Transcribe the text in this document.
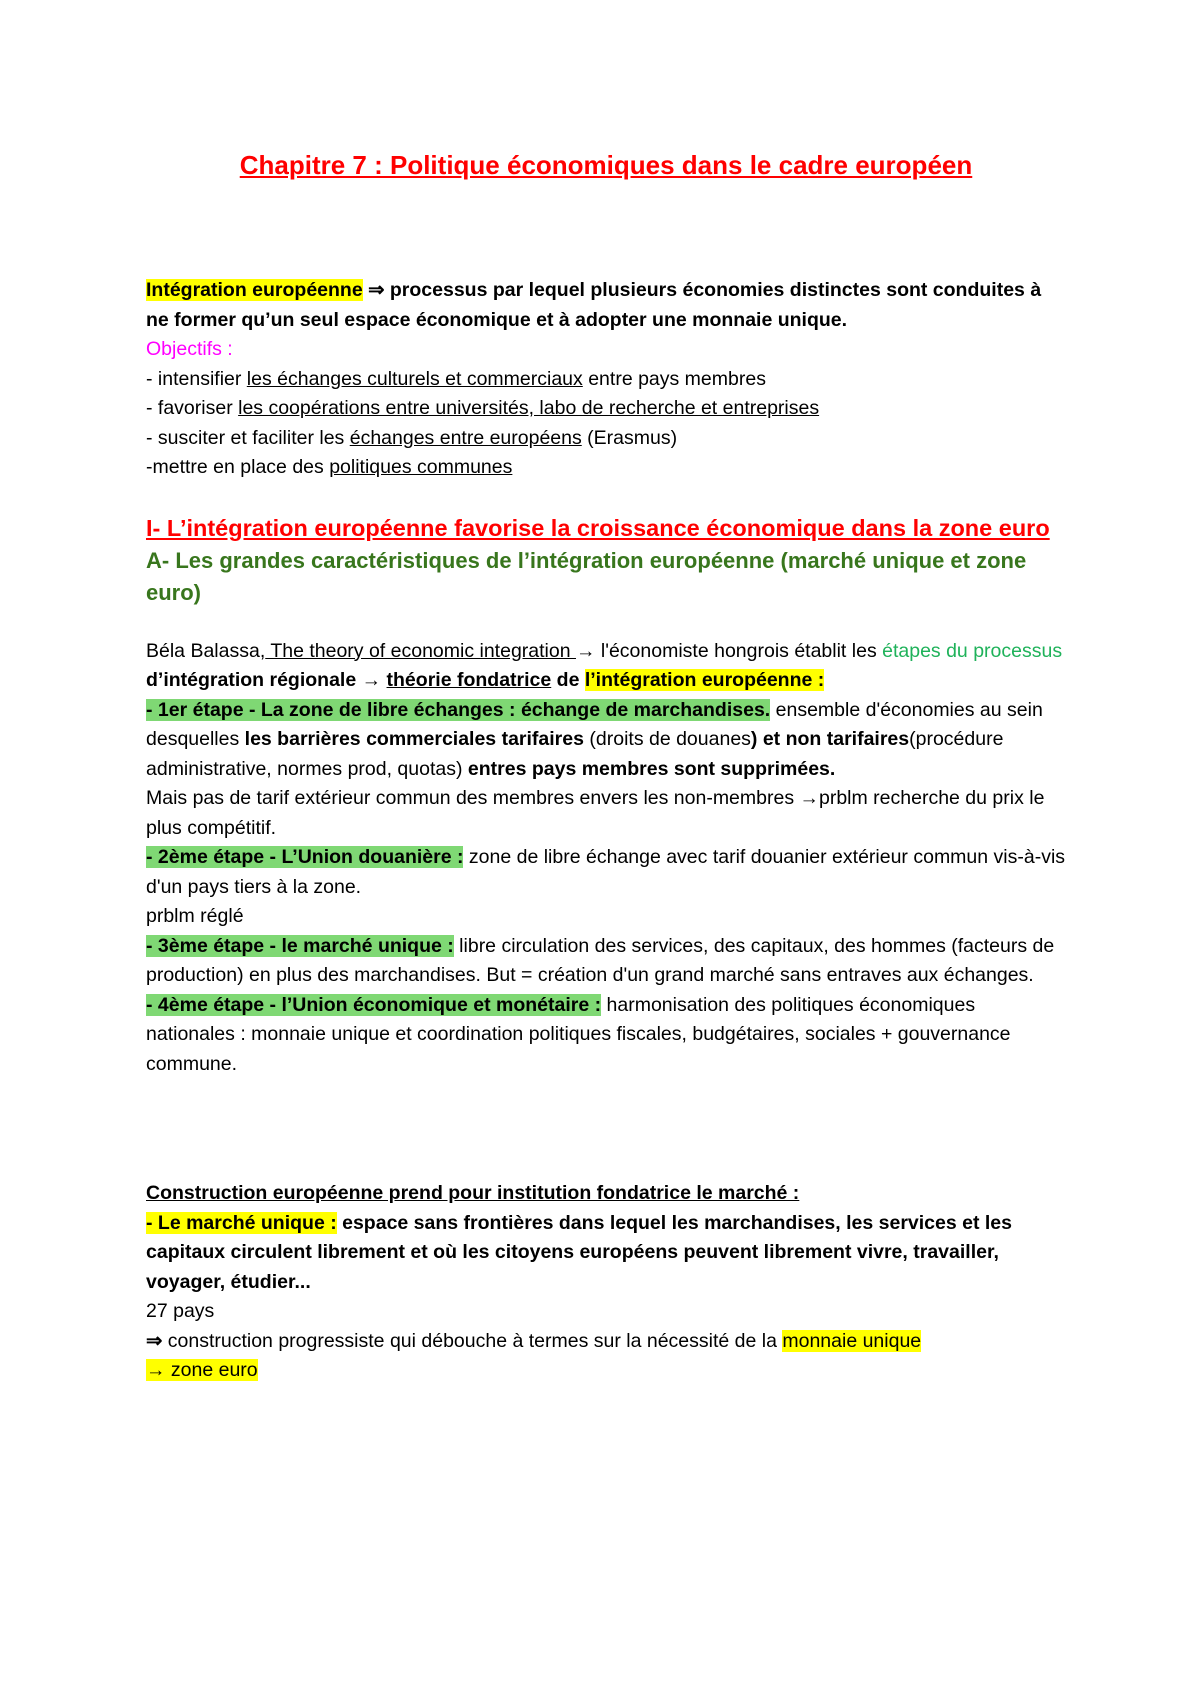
Chapitre 7 : Politique économiques dans le cadre européen

Intégration européenne ⇒ processus par lequel plusieurs économies distinctes sont conduites à ne former qu’un seul espace économique et à adopter une monnaie unique.

Objectifs :

- intensifier les échanges culturels et commerciaux entre pays membres

- favoriser les coopérations entre universités, labo de recherche et entreprises

- susciter et faciliter les échanges entre européens (Erasmus)

-mettre en place des politiques communes

I- L’intégration européenne favorise la croissance économique dans la zone euro
A- Les grandes caractéristiques de l’intégration européenne (marché unique et zone euro)

Béla Balassa, The theory of economic integration → l'économiste hongrois établit les étapes du processus d’intégration régionale → théorie fondatrice de l’intégration européenne :

- 1er étape - La zone de libre échanges : échange de marchandises. ensemble d'économies au sein desquelles les barrières commerciales tarifaires (droits de douanes) et non tarifaires(procédure administrative, normes prod, quotas) entres pays membres sont supprimées.

Mais pas de tarif extérieur commun des membres envers les non-membres →prblm recherche du prix le plus compétitif.

- 2ème étape - L’Union douanière : zone de libre échange avec tarif douanier extérieur commun vis-à-vis d'un pays tiers à la zone.

prblm réglé

- 3ème étape - le marché unique : libre circulation des services, des capitaux, des hommes (facteurs de production) en plus des marchandises. But = création d'un grand marché sans entraves aux échanges.

- 4ème étape - l’Union économique et monétaire : harmonisation des politiques économiques nationales : monnaie unique et coordination politiques fiscales, budgétaires, sociales + gouvernance commune.

Construction européenne prend pour institution fondatrice le marché :

- Le marché unique : espace sans frontières dans lequel les marchandises, les services et les capitaux circulent librement et où les citoyens européens peuvent librement vivre, travailler, voyager, étudier...

27 pays

⇒ construction progressiste qui débouche à termes sur la nécessité de la monnaie unique

→ zone euro
